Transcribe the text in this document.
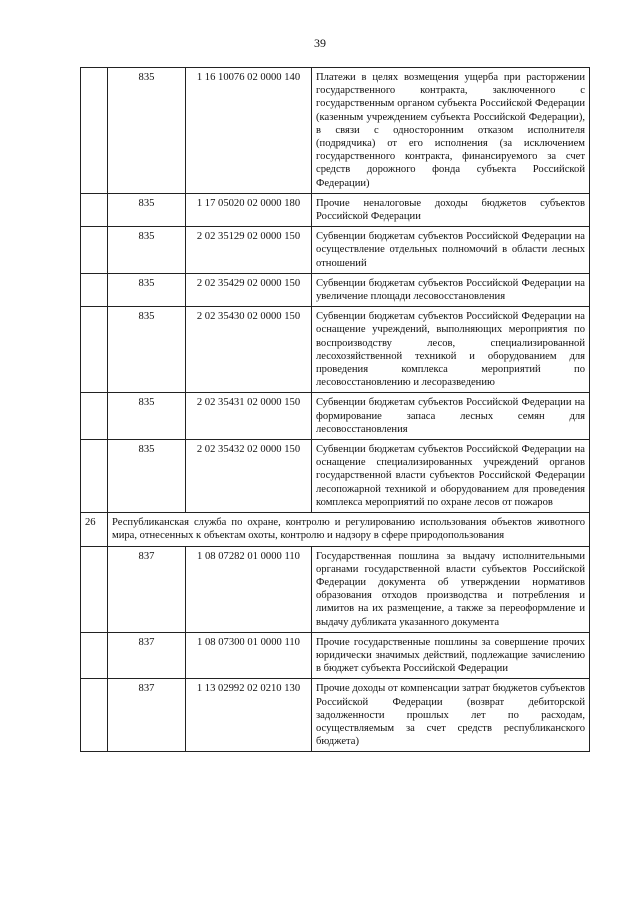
39
	835	1 16 10076 02 0000 140	Платежи в целях возмещения ущерба при расторжении государственного контракта, заключенного с государственным органом субъекта Российской Федерации (казенным учреждением субъекта Российской Федерации), в связи с односторонним отказом исполнителя (подрядчика) от его исполнения (за исключением государственного контракта, финансируемого за счет средств дорожного фонда субъекта Российской Федерации)
	835	1 17 05020 02 0000 180	Прочие неналоговые доходы бюджетов субъектов Российской Федерации
	835	2 02 35129 02 0000 150	Субвенции бюджетам субъектов Российской Федерации на осуществление отдельных полномочий в области лесных отношений
	835	2 02 35429 02 0000 150	Субвенции бюджетам субъектов Российской Федерации на увеличение площади лесовосстановления
	835	2 02 35430 02 0000 150	Субвенции бюджетам субъектов Российской Федерации на оснащение учреждений, выполняющих мероприятия по воспроизводству лесов, специализированной лесохозяйственной техникой и оборудованием для проведения комплекса мероприятий по лесовосстановлению и лесоразведению
	835	2 02 35431 02 0000 150	Субвенции бюджетам субъектов Российской Федерации на формирование запаса лесных семян для лесовосстановления
	835	2 02 35432 02 0000 150	Субвенции бюджетам субъектов Российской Федерации на оснащение специализированных учреждений органов государственной власти субъектов Российской Федерации лесопожарной техникой и оборудованием для проведения комплекса мероприятий по охране лесов от пожаров
26	Республиканская служба по охране, контролю и регулированию использования объектов животного мира, отнесенных к объектам охоты, контролю и надзору в сфере природопользования		
	837	1 08 07282 01 0000 110	Государственная пошлина за выдачу исполнительными органами государственной власти субъектов Российской Федерации документа об утверждении нормативов образования отходов производства и потребления и лимитов на их размещение, а также за переоформление и выдачу дубликата указанного документа
	837	1 08 07300 01 0000 110	Прочие государственные пошлины за совершение прочих юридически значимых действий, подлежащие зачислению в бюджет субъекта Российской Федерации
	837	1 13 02992 02 0210 130	Прочие доходы от компенсации затрат бюджетов субъектов Российской Федерации (возврат дебиторской задолженности прошлых лет по расходам, осуществляемым за счет средств республиканского бюджета)
